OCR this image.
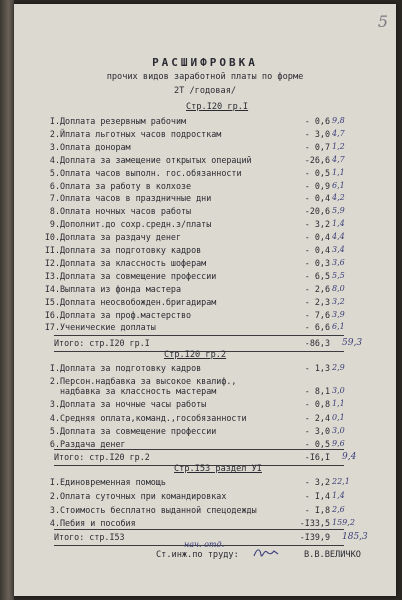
5
РАСШИФРОВКА
прочих видов заработной платы по форме
2Т /годовая/
Стр.I20 гр.I
I. Доплата резервным рабочим	- 0,6 9,8
2. Йплата льготных часов подросткам	- 3,0 4,7
3. Оплата донорам	- 0,7 1,2
4. Доплата за замещение открытых операций	-26,6 4,7
5. Оплата часов выполн. гос.обязанности	- 0,5 1,1
6. Оплата за работу в колхозе	- 0,9 6,1
7. Оплата часов в праздничные дни	- 0,4 4,2
8. Оплата ночных часов работы	-20,6 5,9
9. Дополнит.до сохр.средн.з/платы	- 3,2 1,4
I0. Доплата за раздачу денег	- 0,4 4,4
II. Доплата за подготовку кадров	- 0,4 3,4
I2. Доплата за классность шоферам	- 0,3 3,6
I3. Доплата за совмещение профессии	- 6,5 5,5
I4. Выплата из фонда мастера	- 2,6 8,0
I5. Доплата неосвобожден.бригадирам	- 2,3 3,2
I6. Доплата за проф.мастерство	- 7,6 3,9
I7. Ученические доплаты	- 6,6 6,1
Итого: стр.I20 гр.I	-86,3 59,3
Стр.I20 гр.2
I. Доплата за подготовку кадров	- 1,3 2,9
2. Персон.надбавка за высокое квалиф.,
надбавка за классность мастерам	- 8,1 3,0
3. Доплата за ночные часы работы	- 0,8 1,1
4. Средняя оплата,команд.,гособязанности	- 2,4 0,1
5. Доплата за совмещение профессии	- 3,0 3,0
6. Раздача денег	- 0,5 9,6
Итого: стр.I20 гр.2	-I6,I 9,4
Стр.I53 раздел УI
I. Единовременная помощь	- 3,2 22,1
2. Оплата суточных при командировках	- I,4 1,4
3. Стоимость бесплатно выданной спецодежды	- I,8 2,6
4. Пебия и пособия	-I33,5 159,2
Итого: стр.I53	-I39,9 185,3
нач. отд.
Ст.инж.по труду:	В.В.ВЕЛИЧКО
